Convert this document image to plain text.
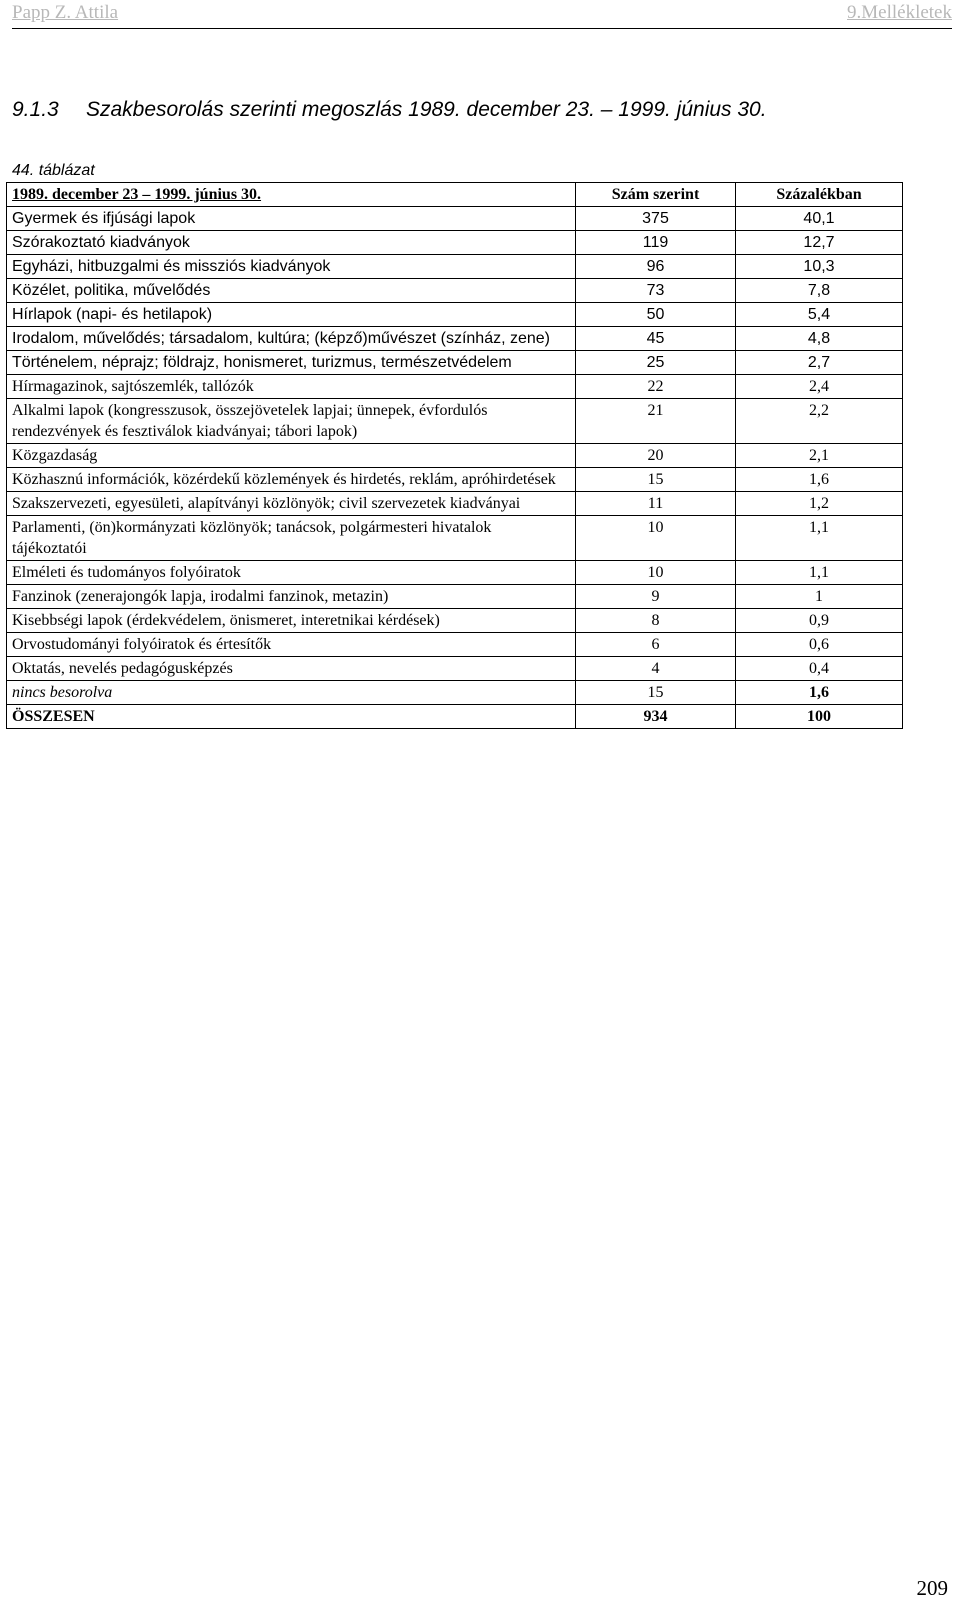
Papp Z. Attila	9.Mellékletek
9.1.3 Szakbesorolás szerinti megoszlás 1989. december 23. – 1999. június 30.
44. táblázat
1989. december 23 – 1999. június 30.	Szám szerint	Százalékban
Gyermek és ifjúsági lapok	375	40,1
Szórakoztató kiadványok	119	12,7
Egyházi, hitbuzgalmi és missziós kiadványok	96	10,3
Közélet, politika, művelődés	73	7,8
Hírlapok (napi- és hetilapok)	50	5,4
Irodalom, művelődés; társadalom, kultúra; (képző)művészet (színház, zene)	45	4,8
Történelem, néprajz; földrajz, honismeret, turizmus, természetvédelem	25	2,7
Hírmagazinok, sajtószemlék, tallózók	22	2,4
Alkalmi lapok (kongresszusok, összejövetelek lapjai; ünnepek, évfordulós rendezvények és fesztiválok kiadványai; tábori lapok)	21	2,2
Közgazdaság	20	2,1
Közhasznú információk, közérdekű közlemények és hirdetés, reklám, apróhirdetések	15	1,6
Szakszervezeti, egyesületi, alapítványi közlönyök; civil szervezetek kiadványai	11	1,2
Parlamenti, (ön)kormányzati közlönyök; tanácsok, polgármesteri hivatalok tájékoztatói	10	1,1
Elméleti és tudományos folyóiratok	10	1,1
Fanzinok (zenerajongók lapja, irodalmi fanzinok, metazin)	9	1
Kisebbségi lapok (érdekvédelem, önismeret, interetnikai kérdések)	8	0,9
Orvostudományi folyóiratok és értesítők	6	0,6
Oktatás, nevelés pedagógusképzés	4	0,4
nincs besorolva	15	1,6
ÖSSZESEN	934	100
209
